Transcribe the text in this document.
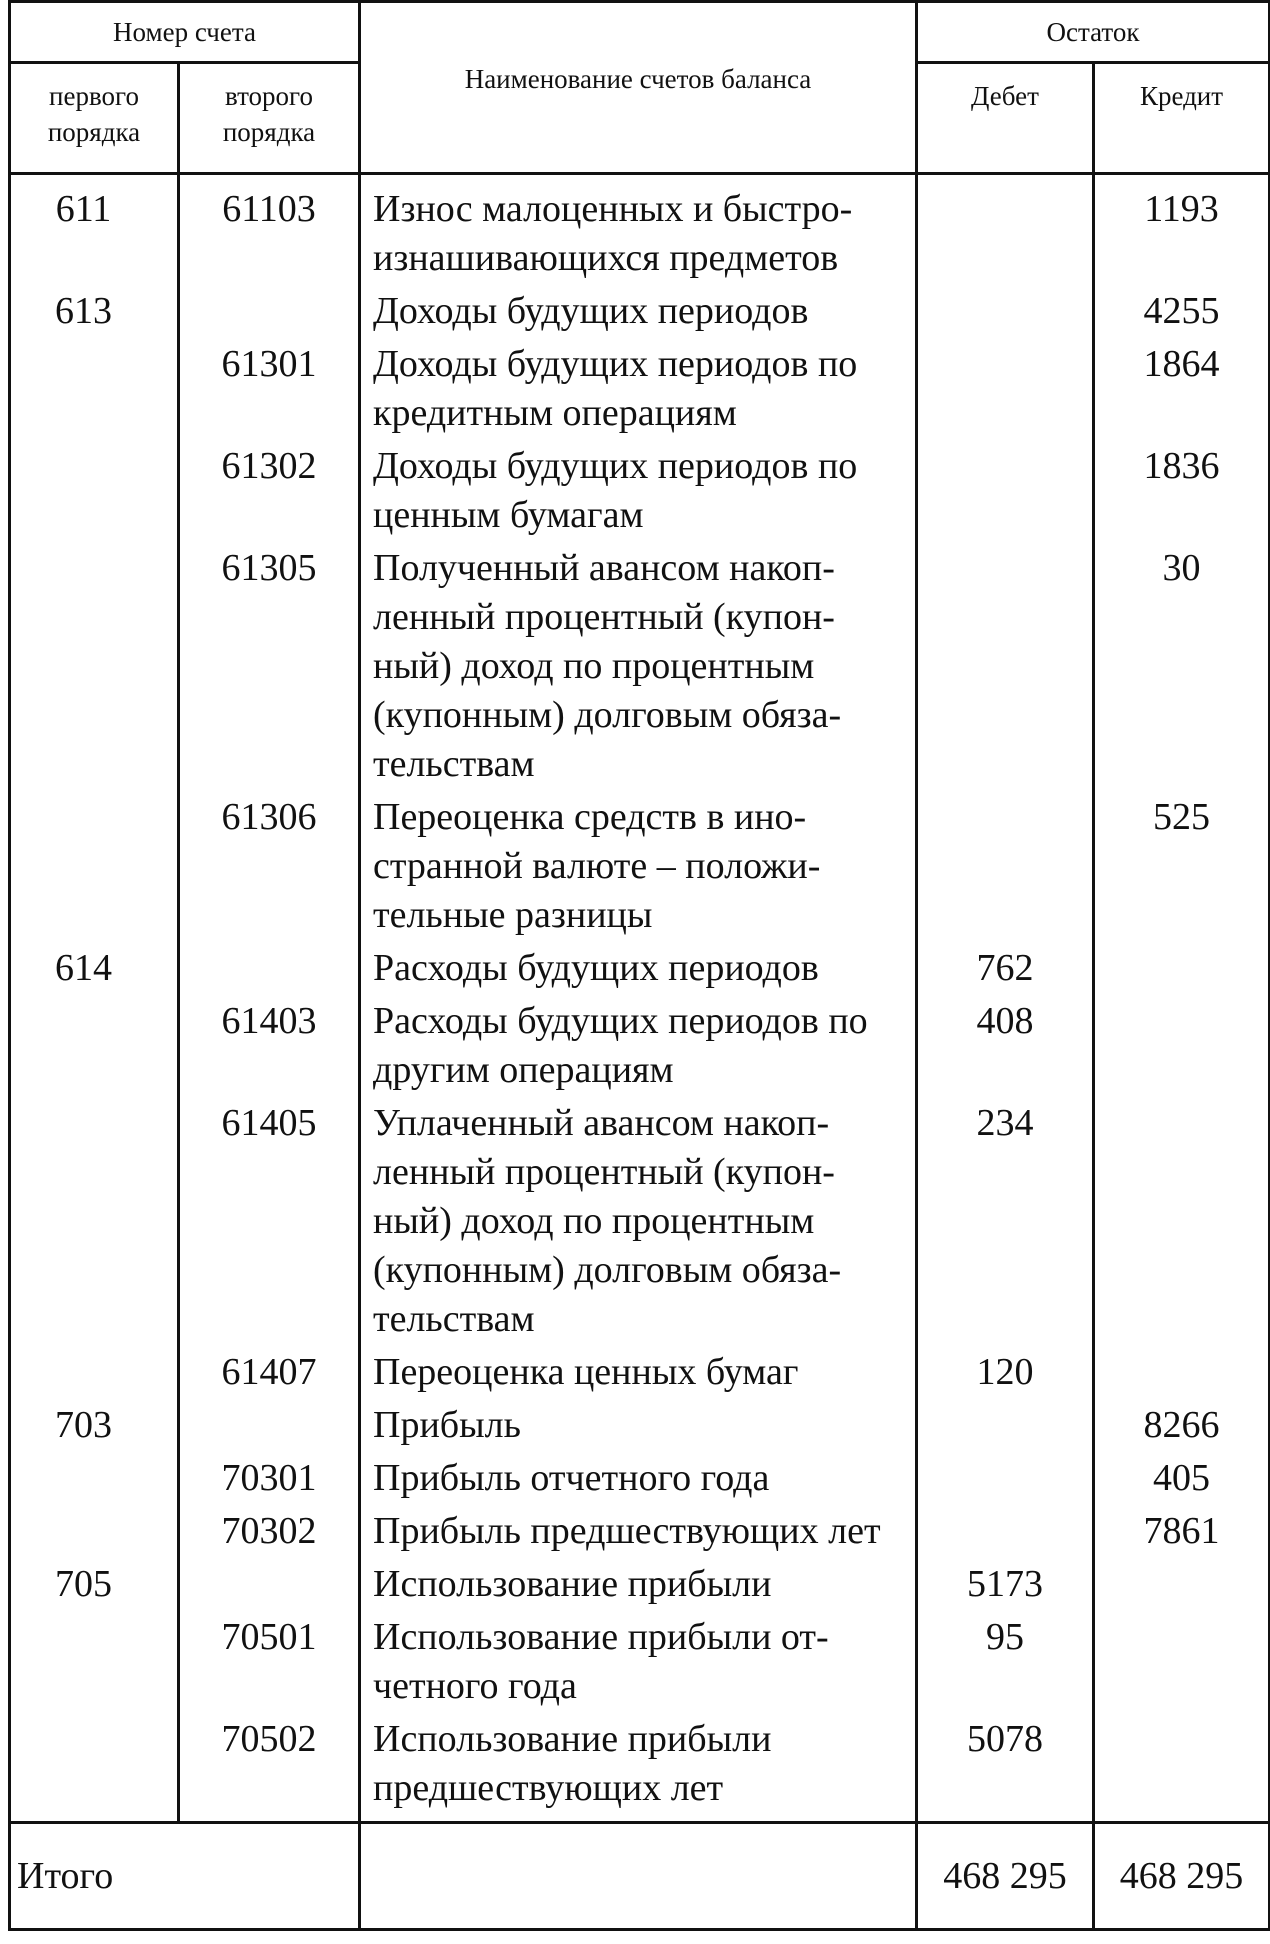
Номер счета		Наименование счетов баланса	Остаток	
первого порядка	второго порядка		Дебет	Кредит
611	61103	Износ малоценных и быстро-изнашивающихся предметов		1193
613		Доходы будущих периодов		4255
	61301	Доходы будущих периодов по кредитным операциям		1864
	61302	Доходы будущих периодов по ценным бумагам		1836
	61305	Полученный авансом накоп-ленный процентный (купон-ный) доход по процентным (купонным) долговым обяза-тельствам		30
	61306	Переоценка средств в ино-странной валюте – положи-тельные разницы		525
614		Расходы будущих периодов	762	
	61403	Расходы будущих периодов по другим операциям	408	
	61405	Уплаченный авансом накоп-ленный процентный (купон-ный) доход по процентным (купонным) долговым обяза-тельствам	234	
	61407	Переоценка ценных бумаг	120	
703		Прибыль		8266
	70301	Прибыль отчетного года		405
	70302	Прибыль предшествующих лет		7861
705		Использование прибыли	5173	
	70501	Использование прибыли от-четного года	95	
	70502	Использование прибыли предшествующих лет	5078	
Итого			468 295	468 295
